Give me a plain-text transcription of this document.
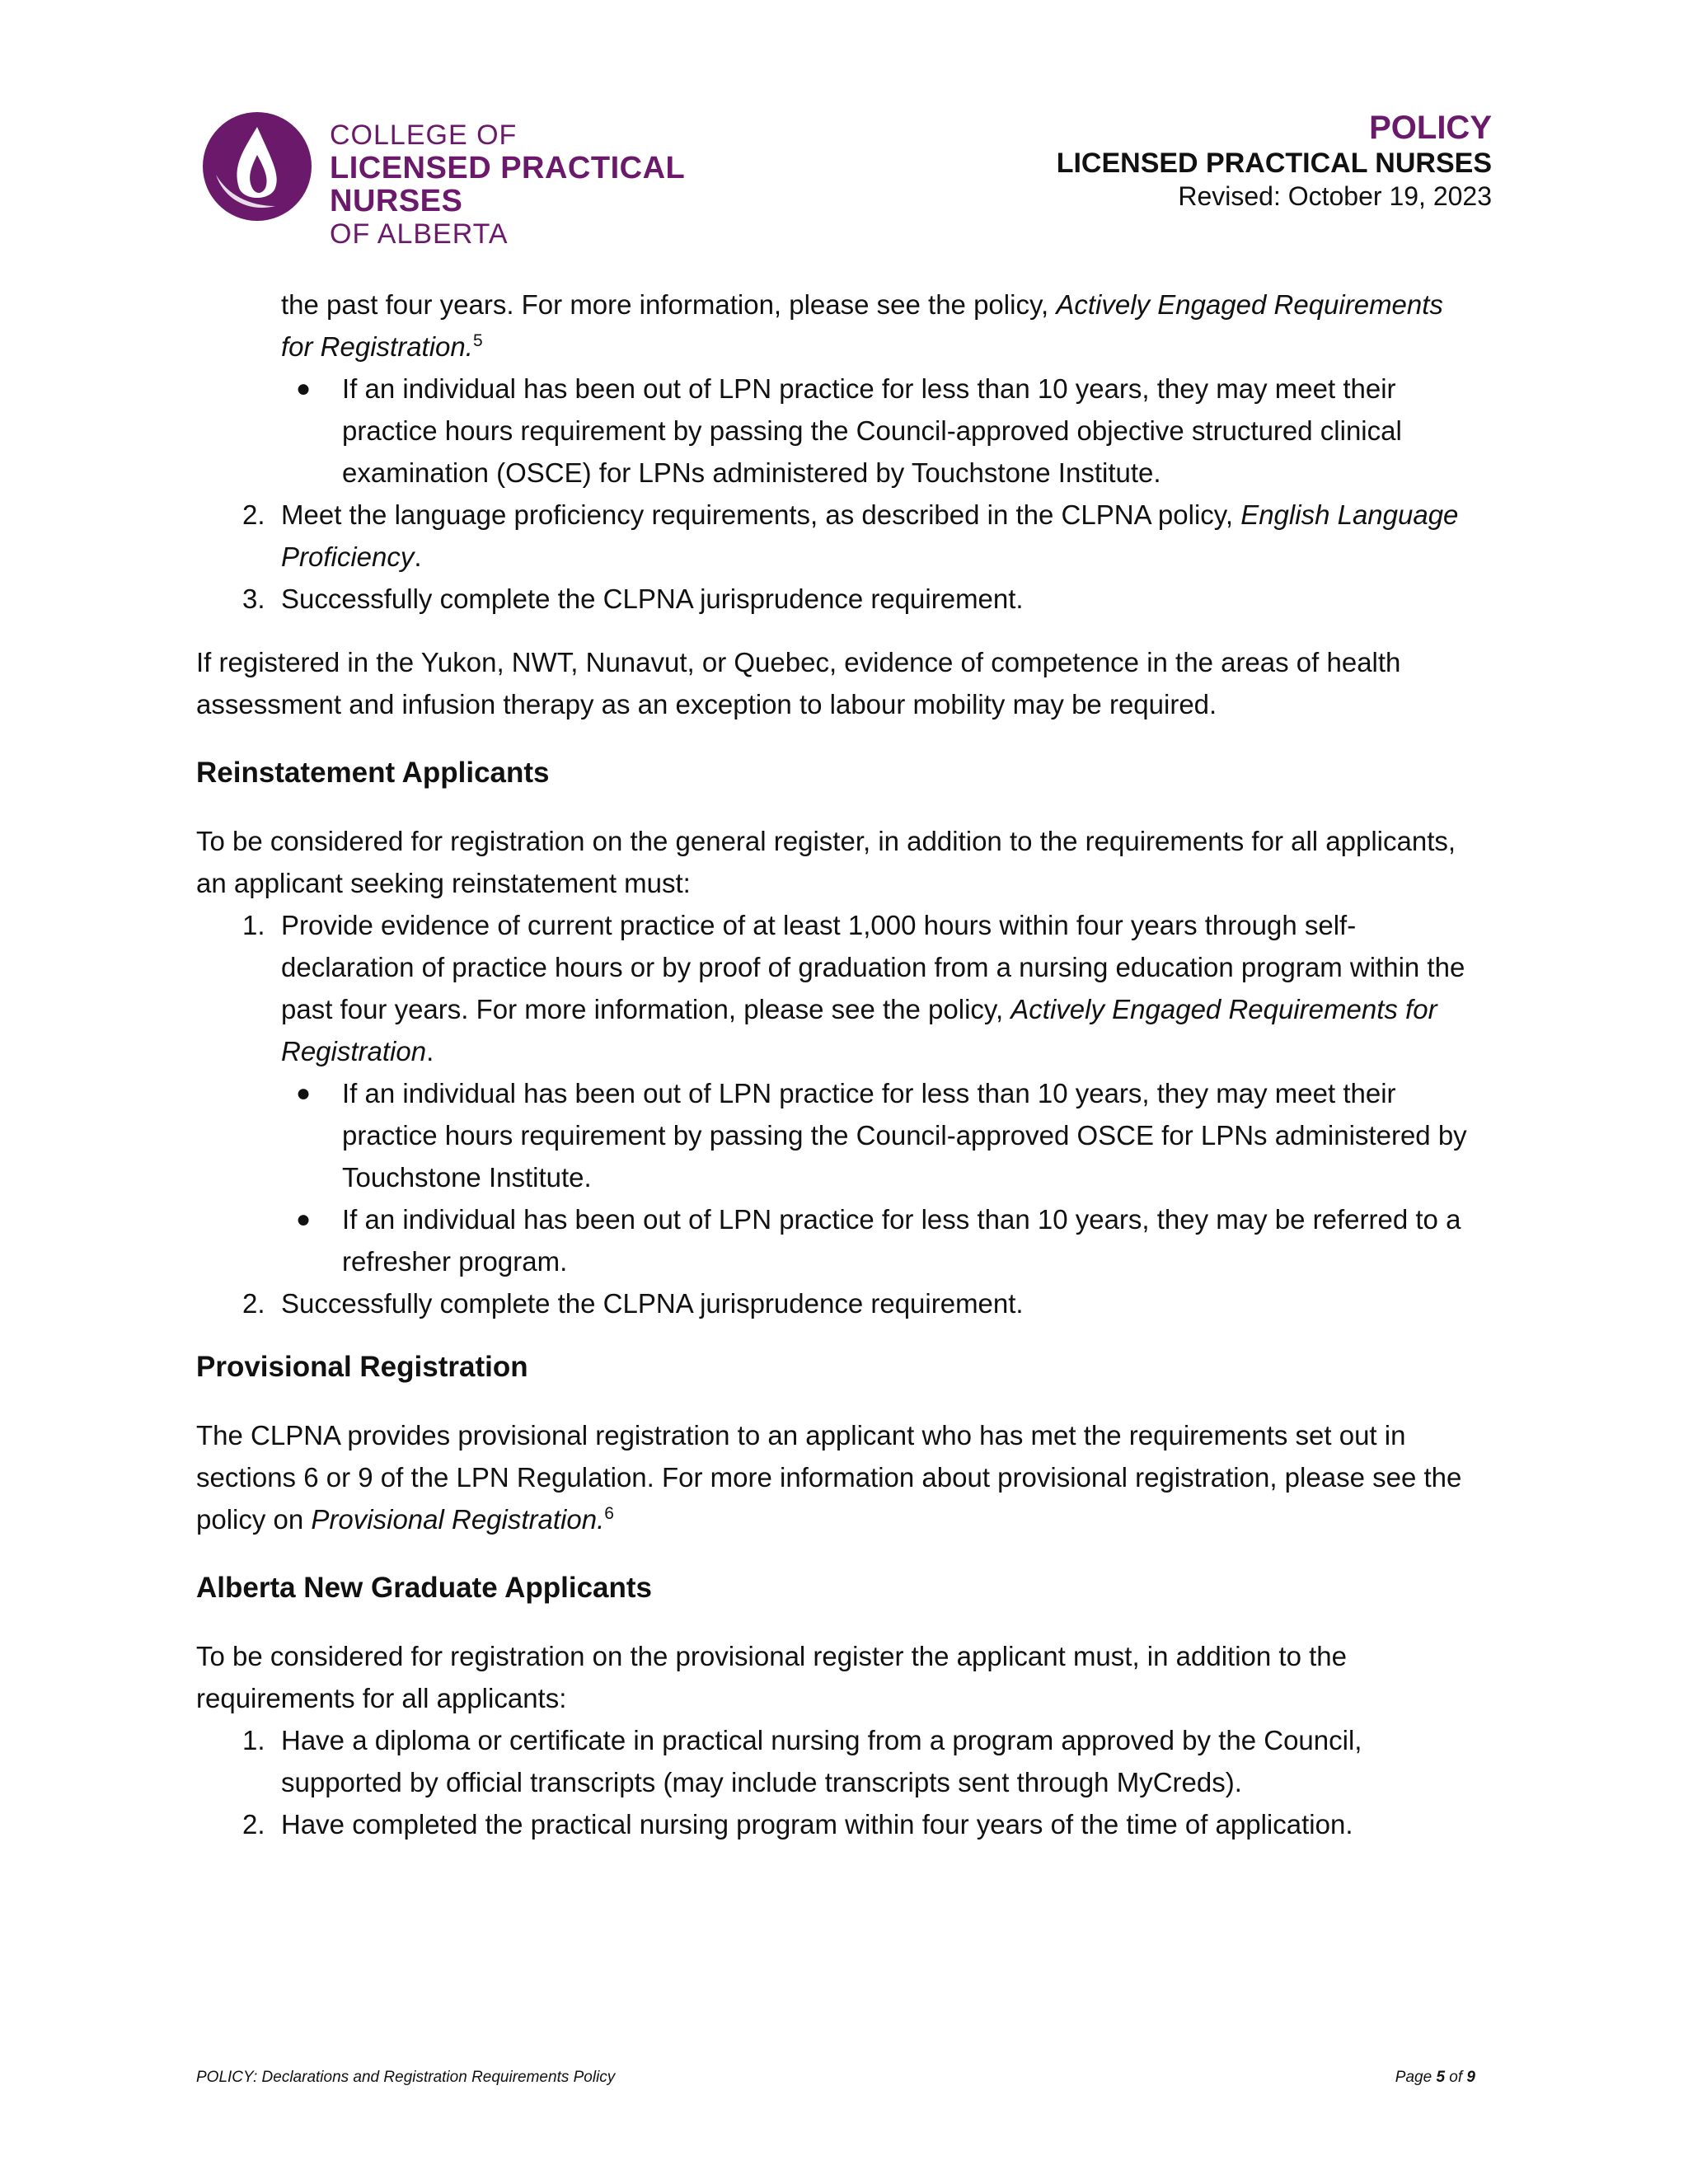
COLLEGE OF
LICENSED PRACTICAL NURSES
OF ALBERTA
POLICY
LICENSED PRACTICAL NURSES
Revised: October 19, 2023

the past four years. For more information, please see the policy, Actively Engaged Requirements for Registration.$^5$

● If an individual has been out of LPN practice for less than 10 years, they may meet their practice hours requirement by passing the Council-approved objective structured clinical examination (OSCE) for LPNs administered by Touchstone Institute.
2. Meet the language proficiency requirements, as described in the CLPNA policy, English Language Proficiency.
3. Successfully complete the CLPNA jurisprudence requirement.

If registered in the Yukon, NWT, Nunavut, or Quebec, evidence of competence in the areas of health assessment and infusion therapy as an exception to labour mobility may be required.

Reinstatement Applicants

To be considered for registration on the general register, in addition to the requirements for all applicants, an applicant seeking reinstatement must:

1. Provide evidence of current practice of at least 1,000 hours within four years through self-declaration of practice hours or by proof of graduation from a nursing education program within the past four years. For more information, please see the policy, Actively Engaged Requirements for Registration.
● If an individual has been out of LPN practice for less than 10 years, they may meet their practice hours requirement by passing the Council-approved OSCE for LPNs administered by Touchstone Institute.
● If an individual has been out of LPN practice for less than 10 years, they may be referred to a refresher program.
2. Successfully complete the CLPNA jurisprudence requirement.
Provisional Registration

The CLPNA provides provisional registration to an applicant who has met the requirements set out in sections 6 or 9 of the LPN Regulation. For more information about provisional registration, please see the policy on Provisional Registration.$^6$

Alberta New Graduate Applicants

To be considered for registration on the provisional register the applicant must, in addition to the requirements for all applicants:

1. Have a diploma or certificate in practical nursing from a program approved by the Council, supported by official transcripts (may include transcripts sent through MyCreds).
2. Have completed the practical nursing program within four years of the time of application.
POLICY: Declarations and Registration Requirements Policy	Page 5 of 9
